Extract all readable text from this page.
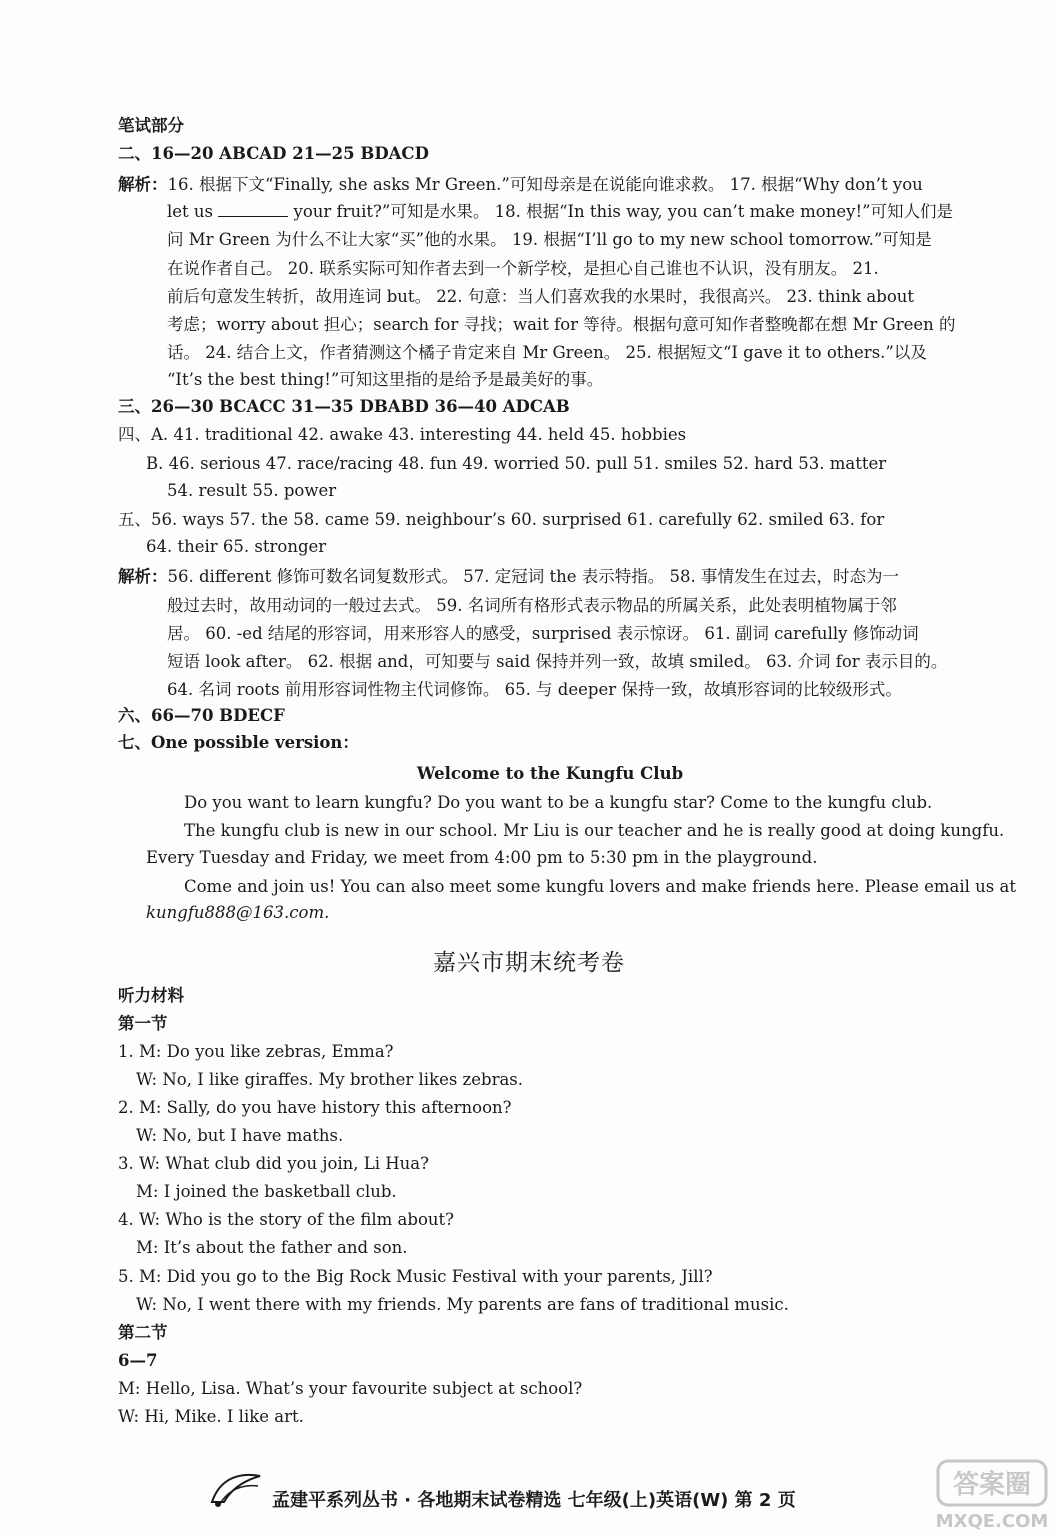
笔试部分
二、16—20 ABCAD 21—25 BDACD
解析：16. 根据下文“Finally, she asks Mr Green.”可知母亲是在说能向谁求救。 17. 根据“Why don’t you
let us	your fruit?”可知是水果。 18. 根据“In this way, you can’t make money!”可知人们是
问 Mr Green 为什么不让大家“买”他的水果。 19. 根据“I’ll go to my new school tomorrow.”可知是
在说作者自己。 20. 联系实际可知作者去到一个新学校，是担心自己谁也不认识，没有朋友。 21.
前后句意发生转折，故用连词 but。 22. 句意：当人们喜欢我的水果时，我很高兴。 23. think about
考虑；worry about 担心；search for 寻找；wait for 等待。根据句意可知作者整晚都在想 Mr Green 的
话。 24. 结合上文，作者猜测这个橘子肯定来自 Mr Green。 25. 根据短文“I gave it to others.”以及
“It’s the best thing!”可知这里指的是给予是最美好的事。
三、26—30 BCACC 31—35 DBABD 36—40 ADCAB
四、A. 41. traditional 42. awake 43. interesting 44. held 45. hobbies
B. 46. serious 47. race/racing 48. fun 49. worried 50. pull 51. smiles 52. hard 53. matter
54. result 55. power
五、56. ways 57. the 58. came 59. neighbour’s 60. surprised 61. carefully 62. smiled 63. for
64. their 65. stronger
解析：56. different 修饰可数名词复数形式。 57. 定冠词 the 表示特指。 58. 事情发生在过去，时态为一
般过去时，故用动词的一般过去式。 59. 名词所有格形式表示物品的所属关系，此处表明植物属于邻
居。 60. -ed 结尾的形容词，用来形容人的感受，surprised 表示惊讶。 61. 副词 carefully 修饰动词
短语 look after。 62. 根据 and，可知要与 said 保持并列一致，故填 smiled。 63. 介词 for 表示目的。
64. 名词 roots 前用形容词性物主代词修饰。 65. 与 deeper 保持一致，故填形容词的比较级形式。
六、66—70 BDECF
七、One possible version：
Welcome to the Kungfu Club
Do you want to learn kungfu? Do you want to be a kungfu star? Come to the kungfu club.
The kungfu club is new in our school. Mr Liu is our teacher and he is really good at doing kungfu.
Every Tuesday and Friday, we meet from 4:00 pm to 5:30 pm in the playground.
Come and join us! You can also meet some kungfu lovers and make friends here. Please email us at
kungfu888@163.com.
嘉兴市期末统考卷
听力材料
第一节
1. M: Do you like zebras, Emma?
W: No, I like giraffes. My brother likes zebras.
2. M: Sally, do you have history this afternoon?
W: No, but I have maths.
3. W: What club did you join, Li Hua?
M: I joined the basketball club.
4. W: Who is the story of the film about?
M: It’s about the father and son.
5. M: Did you go to the Big Rock Music Festival with your parents, Jill?
W: No, I went there with my friends. My parents are fans of traditional music.
第二节
6—7
M: Hello, Lisa. What’s your favourite subject at school?
W: Hi, Mike. I like art.
孟建平系列丛书 · 各地期末试卷精选 七年级(上)英语(W) 第 2 页
答案圈
MXQE.COM
